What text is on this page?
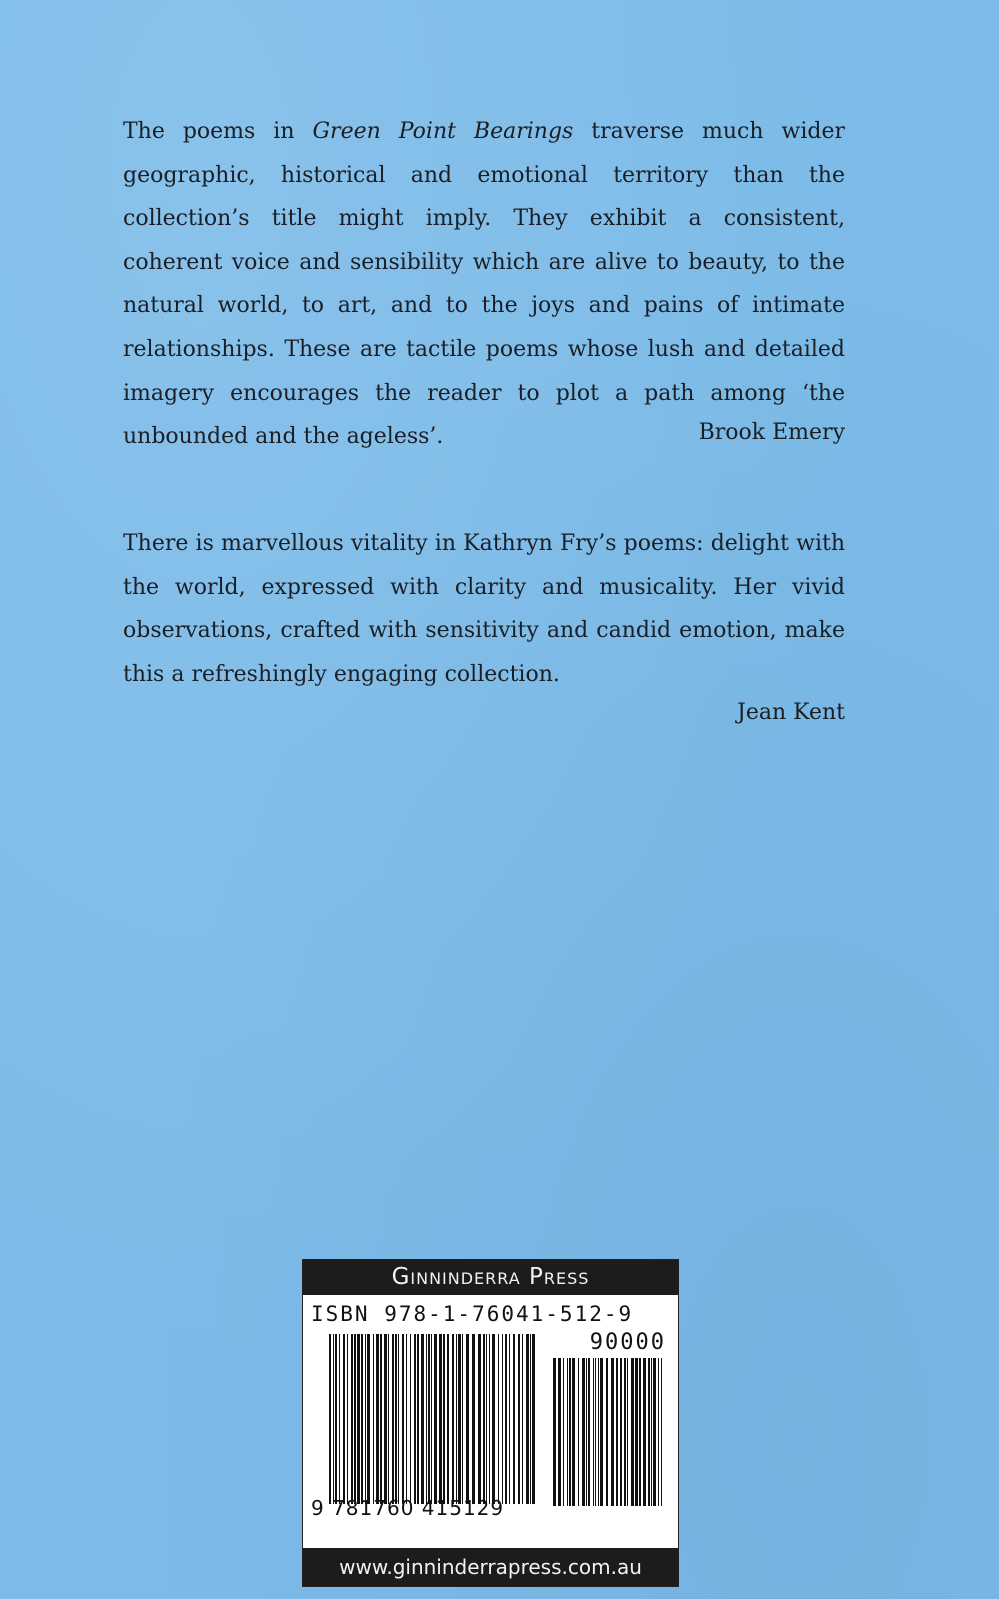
The poems in Green Point Bearings traverse much wider geographic, historical and emotional territory than the collection’s title might imply. They exhibit a consistent, coherent voice and sensibility which are alive to beauty, to the natural world, to art, and to the joys and pains of intimate relationships. These are tactile poems whose lush and detailed imagery encourages the reader to plot a path among ‘the unbounded and the ageless’.	Brook Emery

There is marvellous vitality in Kathryn Fry’s poems: delight with the world, expressed with clarity and musicality. Her vivid observations, crafted with sensitivity and candid emotion, make this a refreshingly engaging collection.

Jean Kent

Ginninderra Press
ISBN 978-1-76041-512-9
90000
9 781760 415129
www.ginninderrapress.com.au
